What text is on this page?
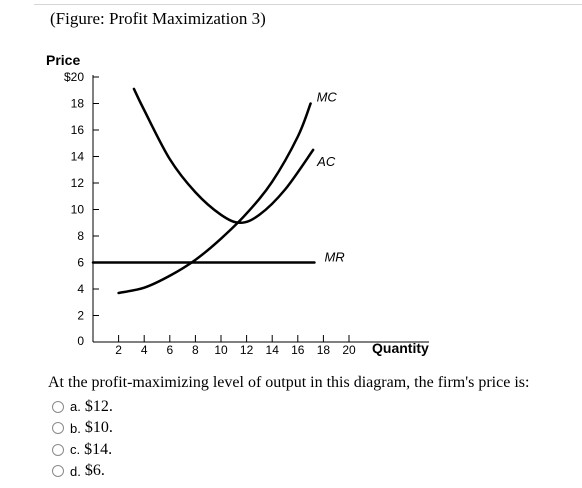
(Figure: Profit Maximization 3)
Price
Quantity
0
2
4
6
8
10
12
14
16
18
$20
2 4 6 8 10 12 14 16 18 20
MC
AC
MR
At the profit-maximizing level of output in this diagram, the firm's price is:
a. $12.
b. $10.
c. $14.
d. $6.
